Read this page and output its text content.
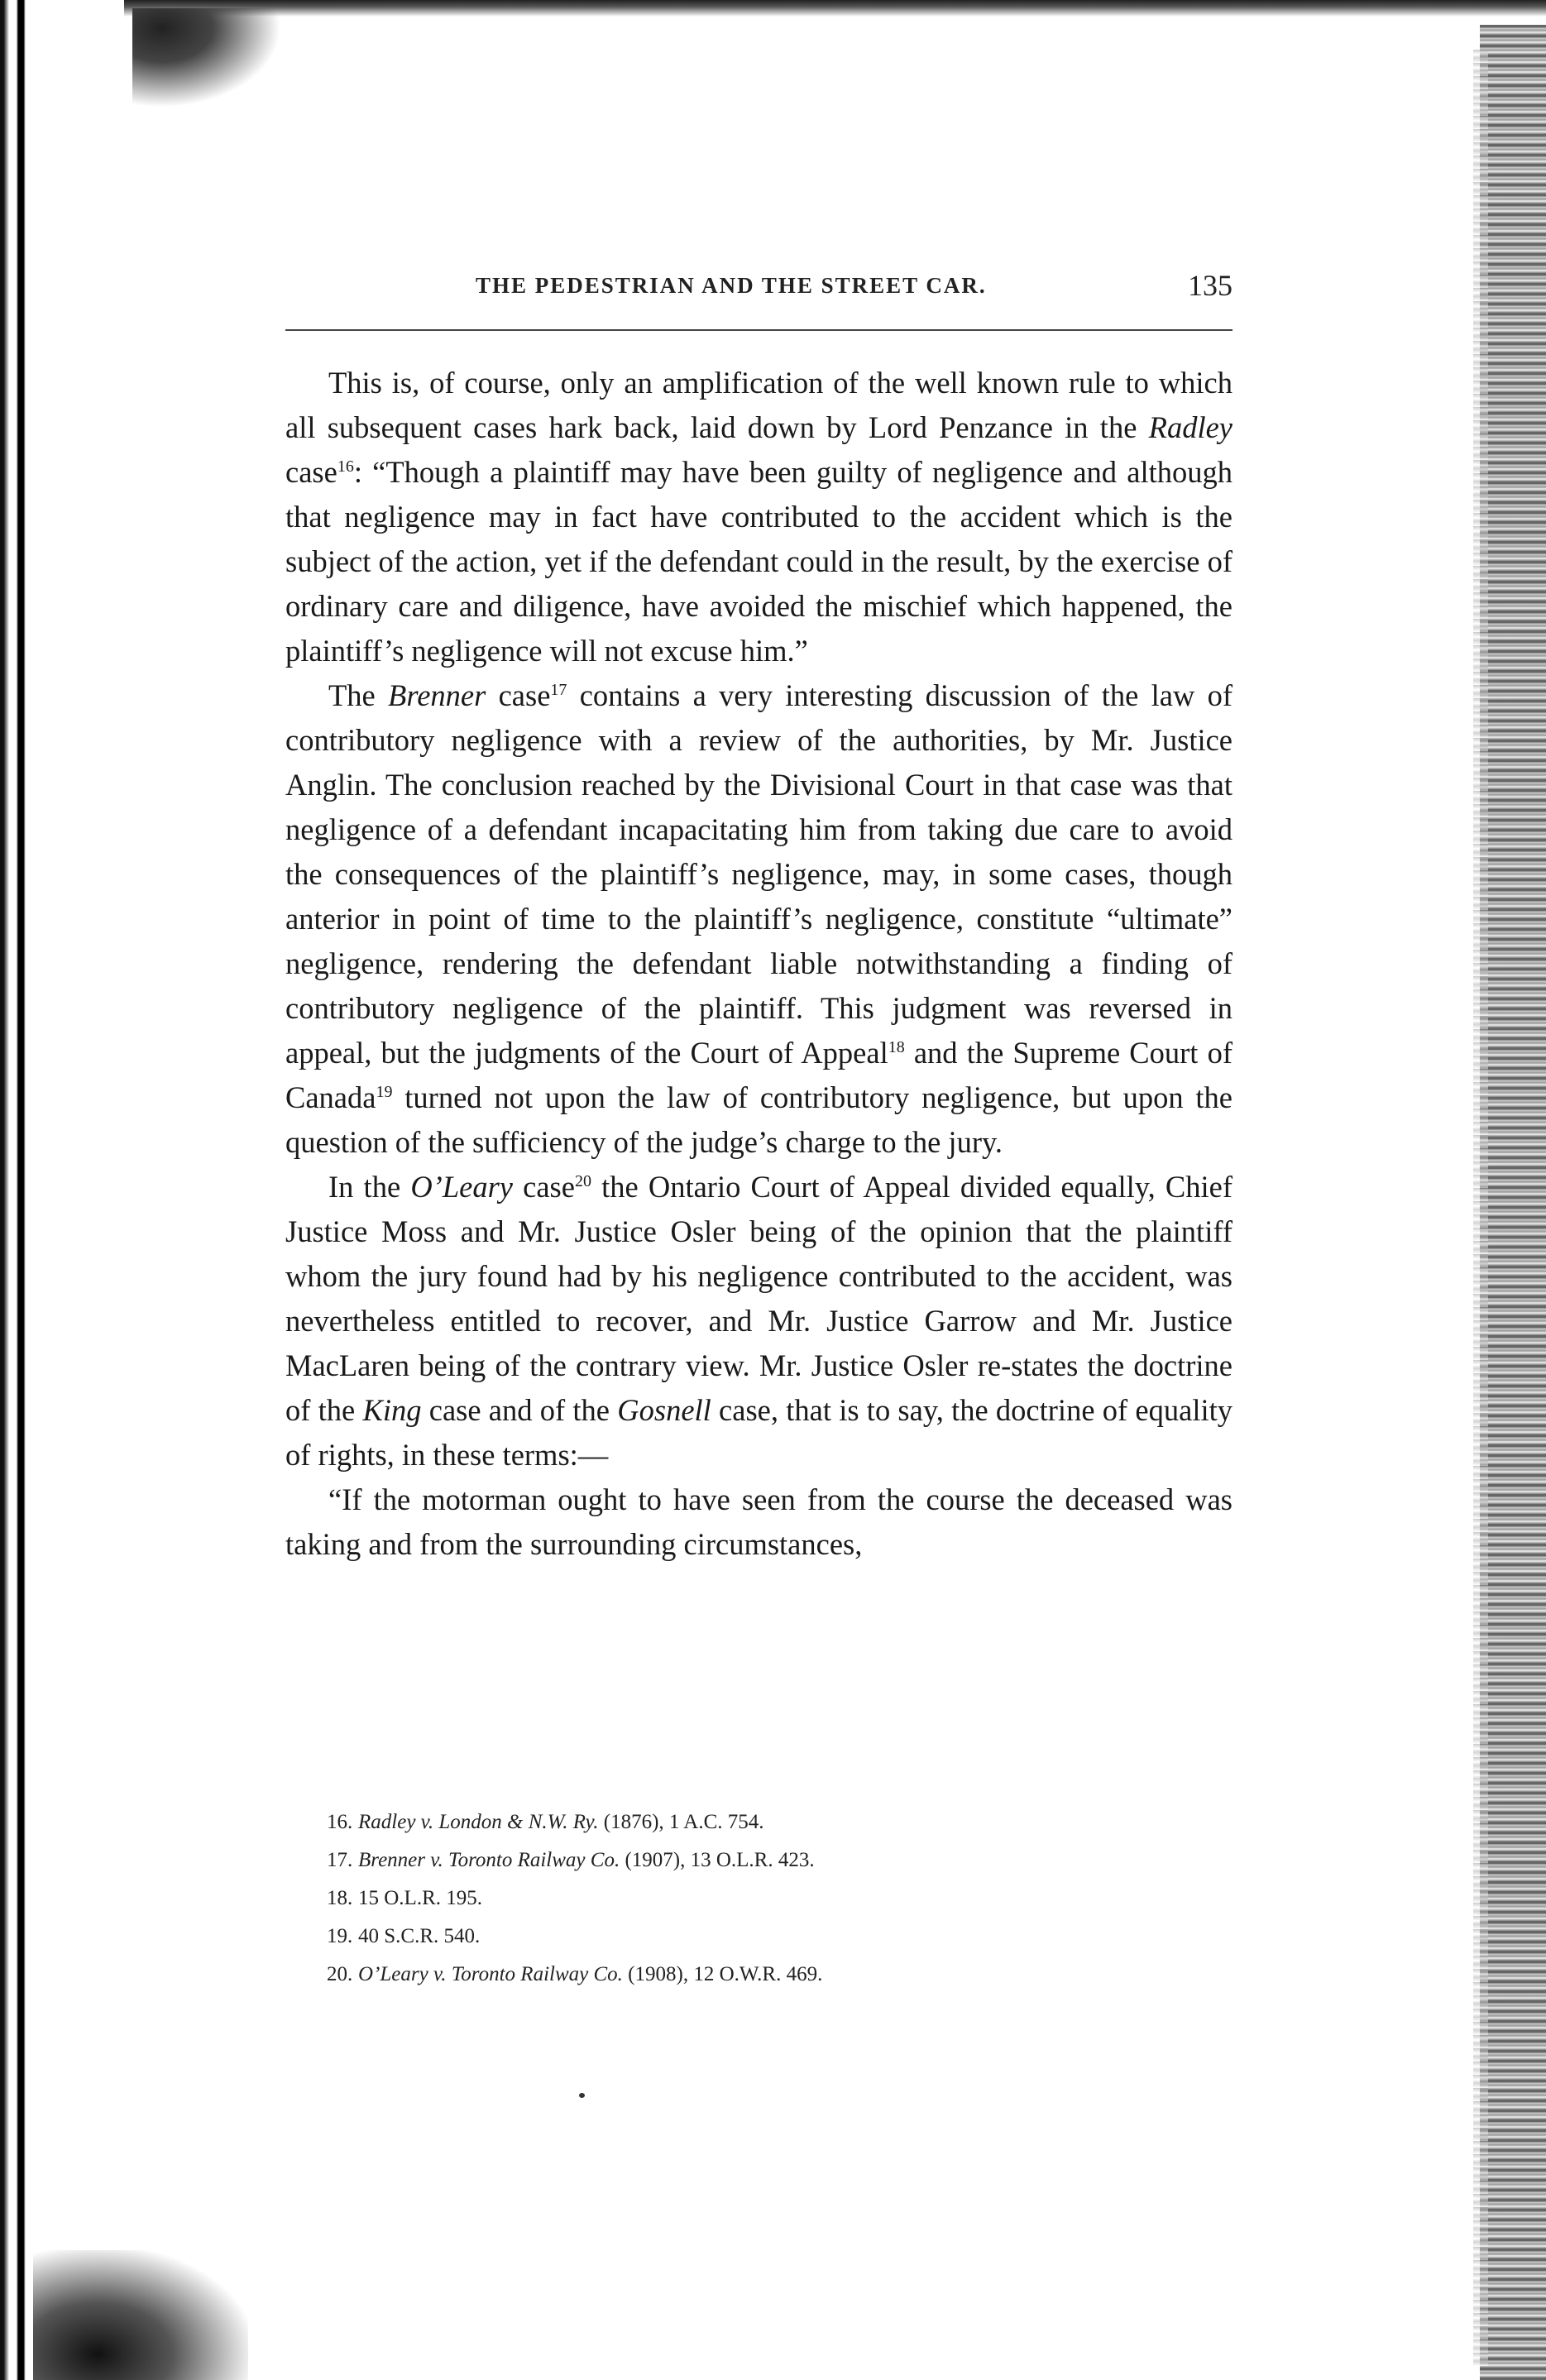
THE PEDESTRIAN AND THE STREET CAR.	135

This is, of course, only an amplification of the well known rule to which all subsequent cases hark back, laid down by Lord Penzance in the Radley case$^{16}$: “Though a plaintiff may have been guilty of negligence and although that negligence may in fact have contributed to the accident which is the subject of the action, yet if the defendant could in the result, by the exercise of ordinary care and diligence, have avoided the mischief which happened, the plaintiff’s negligence will not excuse him.”

The Brenner case$^{17}$ contains a very interesting discussion of the law of contributory negligence with a review of the authorities, by Mr. Justice Anglin. The conclusion reached by the Divisional Court in that case was that negligence of a defendant incapacitating him from taking due care to avoid the consequences of the plaintiff’s negligence, may, in some cases, though anterior in point of time to the plaintiff’s negligence, constitute “ultimate” negligence, rendering the defendant liable notwithstanding a finding of contributory negligence of the plaintiff. This judgment was reversed in appeal, but the judgments of the Court of Appeal$^{18}$ and the Supreme Court of Canada$^{19}$ turned not upon the law of contributory negligence, but upon the question of the sufficiency of the judge’s charge to the jury.

In the O’Leary case$^{20}$ the Ontario Court of Appeal divided equally, Chief Justice Moss and Mr. Justice Osler being of the opinion that the plaintiff whom the jury found had by his negligence contributed to the accident, was nevertheless entitled to recover, and Mr. Justice Garrow and Mr. Justice MacLaren being of the contrary view. Mr. Justice Osler re-states the doctrine of the King case and of the Gosnell case, that is to say, the doctrine of equality of rights, in these terms:—

“If the motorman ought to have seen from the course the deceased was taking and from the surrounding circumstances,

16. Radley v. London & N.W. Ry. (1876), 1 A.C. 754.
17. Brenner v. Toronto Railway Co. (1907), 13 O.L.R. 423.
18. 15 O.L.R. 195.
19. 40 S.C.R. 540.
20. O’Leary v. Toronto Railway Co. (1908), 12 O.W.R. 469.
